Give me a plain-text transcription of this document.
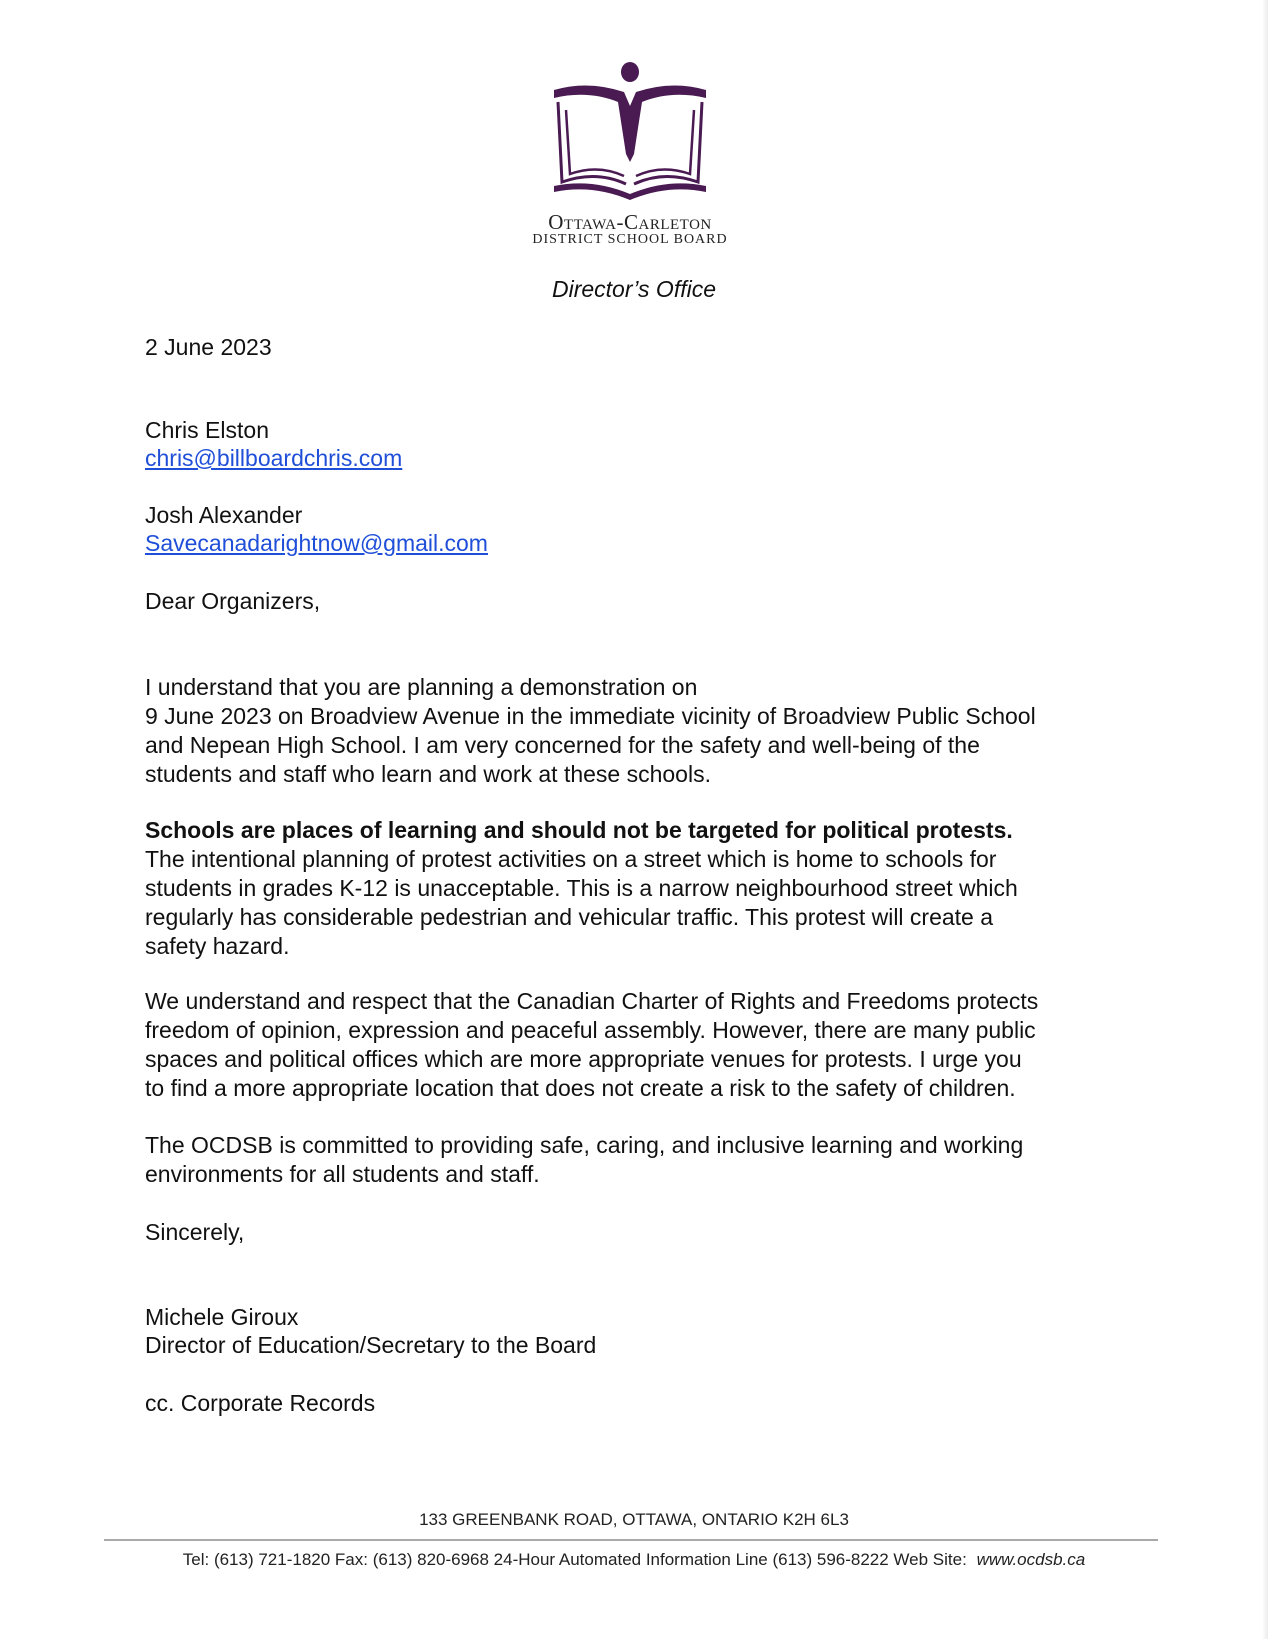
Ottawa-Carleton
DISTRICT SCHOOL BOARD
Director’s Office
2 June 2023
Chris Elston
chris@billboardchris.com
Josh Alexander
Savecanadarightnow@gmail.com
Dear Organizers,

I understand that you are planning a demonstration on

9 June 2023 on Broadview Avenue in the immediate vicinity of Broadview Public School

and Nepean High School. I am very concerned for the safety and well-being of the

students and staff who learn and work at these schools.

Schools are places of learning and should not be targeted for political protests.

The intentional planning of protest activities on a street which is home to schools for

students in grades K-12 is unacceptable. This is a narrow neighbourhood street which

regularly has considerable pedestrian and vehicular traffic. This protest will create a

safety hazard.

We understand and respect that the Canadian Charter of Rights and Freedoms protects

freedom of opinion, expression and peaceful assembly. However, there are many public

spaces and political offices which are more appropriate venues for protests. I urge you

to find a more appropriate location that does not create a risk to the safety of children.

The OCDSB is committed to providing safe, caring, and inclusive learning and working

environments for all students and staff.

Sincerely,
Michele Giroux
Director of Education/Secretary to the Board
cc. Corporate Records
133 GREENBANK ROAD, OTTAWA, ONTARIO K2H 6L3
Tel: (613) 721-1820 Fax: (613) 820-6968 24-Hour Automated Information Line (613) 596-8222 Web Site: www.ocdsb.ca
